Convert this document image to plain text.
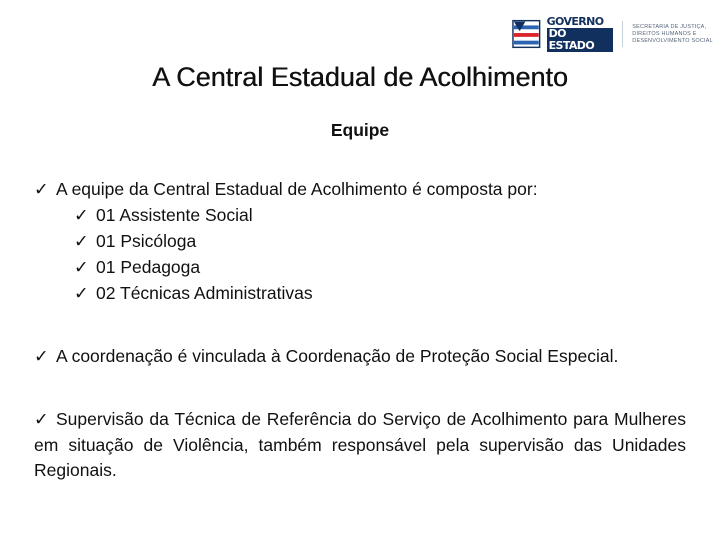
GOVERNO
DO ESTADO
SECRETARIA DE JUSTIÇA, DIREITOS HUMANOS E DESENVOLVIMENTO SOCIAL
A Central Estadual de Acolhimento
Equipe
✓ A equipe da Central Estadual de Acolhimento é composta por:
✓ 01 Assistente Social
✓ 01 Psicóloga
✓ 01 Pedagoga
✓ 02 Técnicas Administrativas
✓ A coordenação é vinculada à Coordenação de Proteção Social Especial.
✓ Supervisão da Técnica de Referência do Serviço de Acolhimento para Mulheres em situação de Violência, também responsável pela supervisão das Unidades Regionais.
